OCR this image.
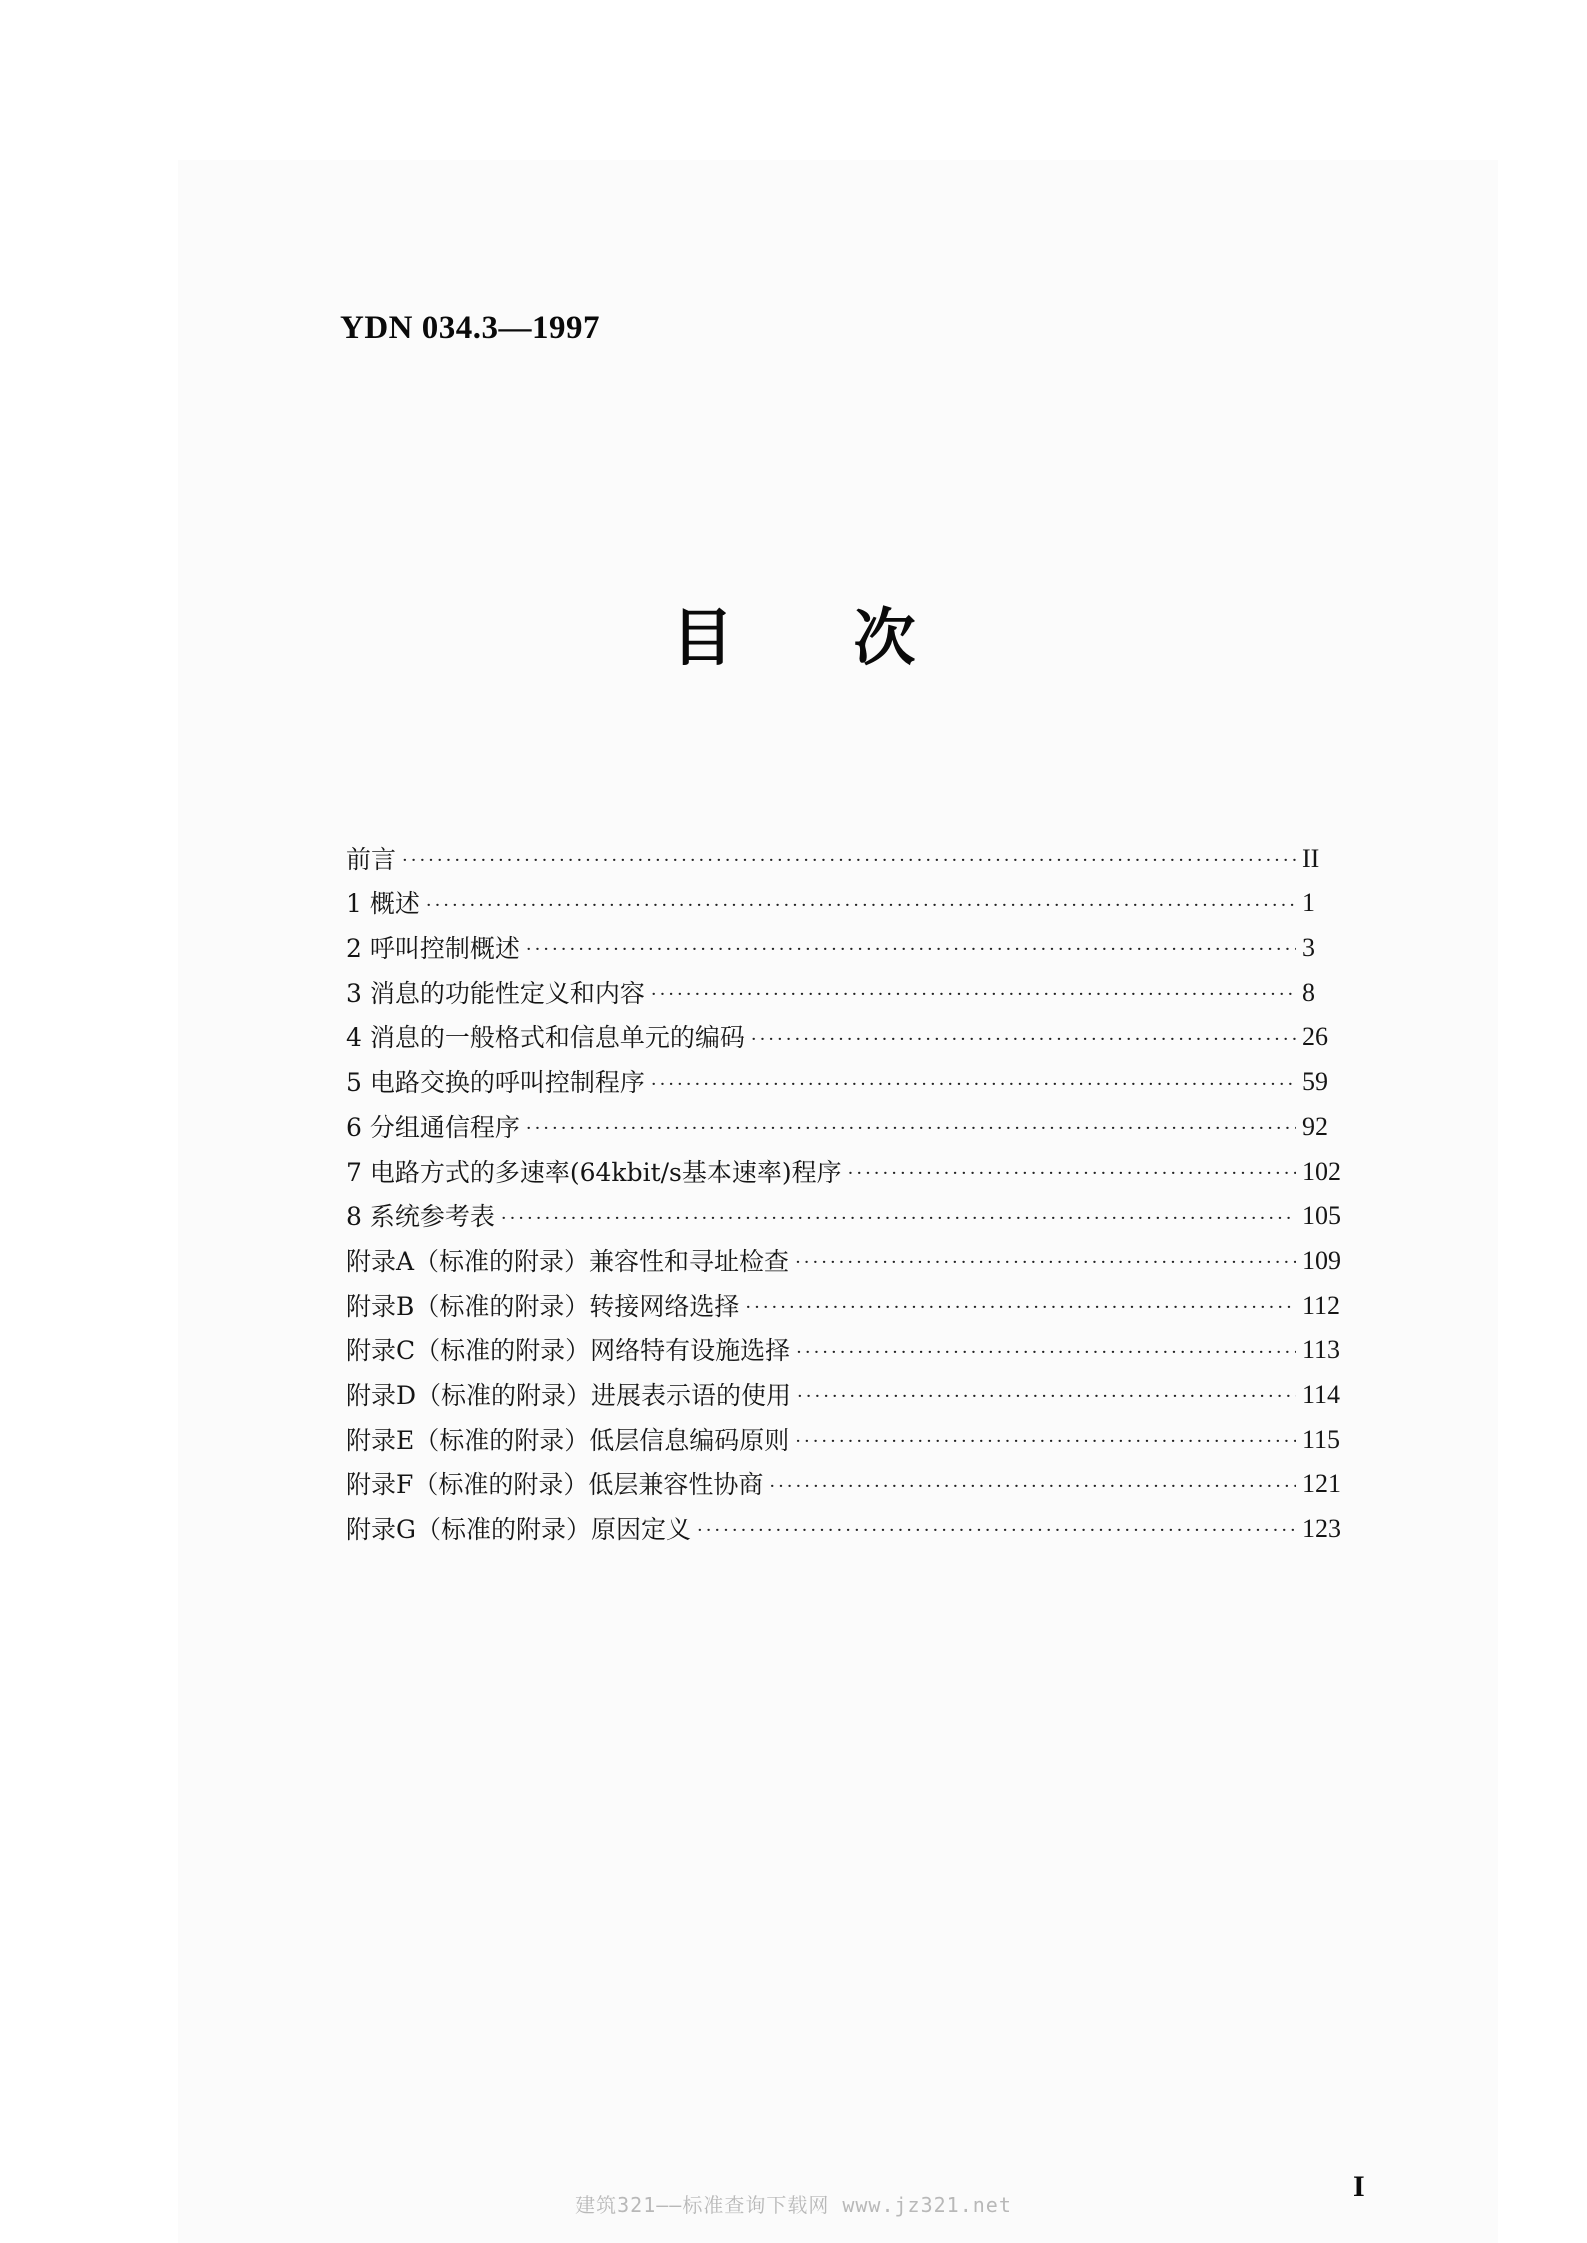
YDN 034.3—1997
目次
前言 ·····	II
1 概述 ·····	1
2 呼叫控制概述 ·····	3
3 消息的功能性定义和内容 ·····	8
4 消息的一般格式和信息单元的编码 ·····	26
5 电路交换的呼叫控制程序 ·····	59
6 分组通信程序 ·····	92
7 电路方式的多速率(64kbit/s基本速率)程序 ·····	102
8 系统参考表 ·····	105
附录A（标准的附录）兼容性和寻址检查 ·····	109
附录B（标准的附录）转接网络选择 ·····	112
附录C（标准的附录）网络特有设施选择 ·····	113
附录D（标准的附录）进展表示语的使用 ·····	114
附录E（标准的附录）低层信息编码原则 ·····	115
附录F（标准的附录）低层兼容性协商 ·····	121
附录G（标准的附录）原因定义 ·····	123
I
建筑321——标准查询下载网 www.jz321.net
